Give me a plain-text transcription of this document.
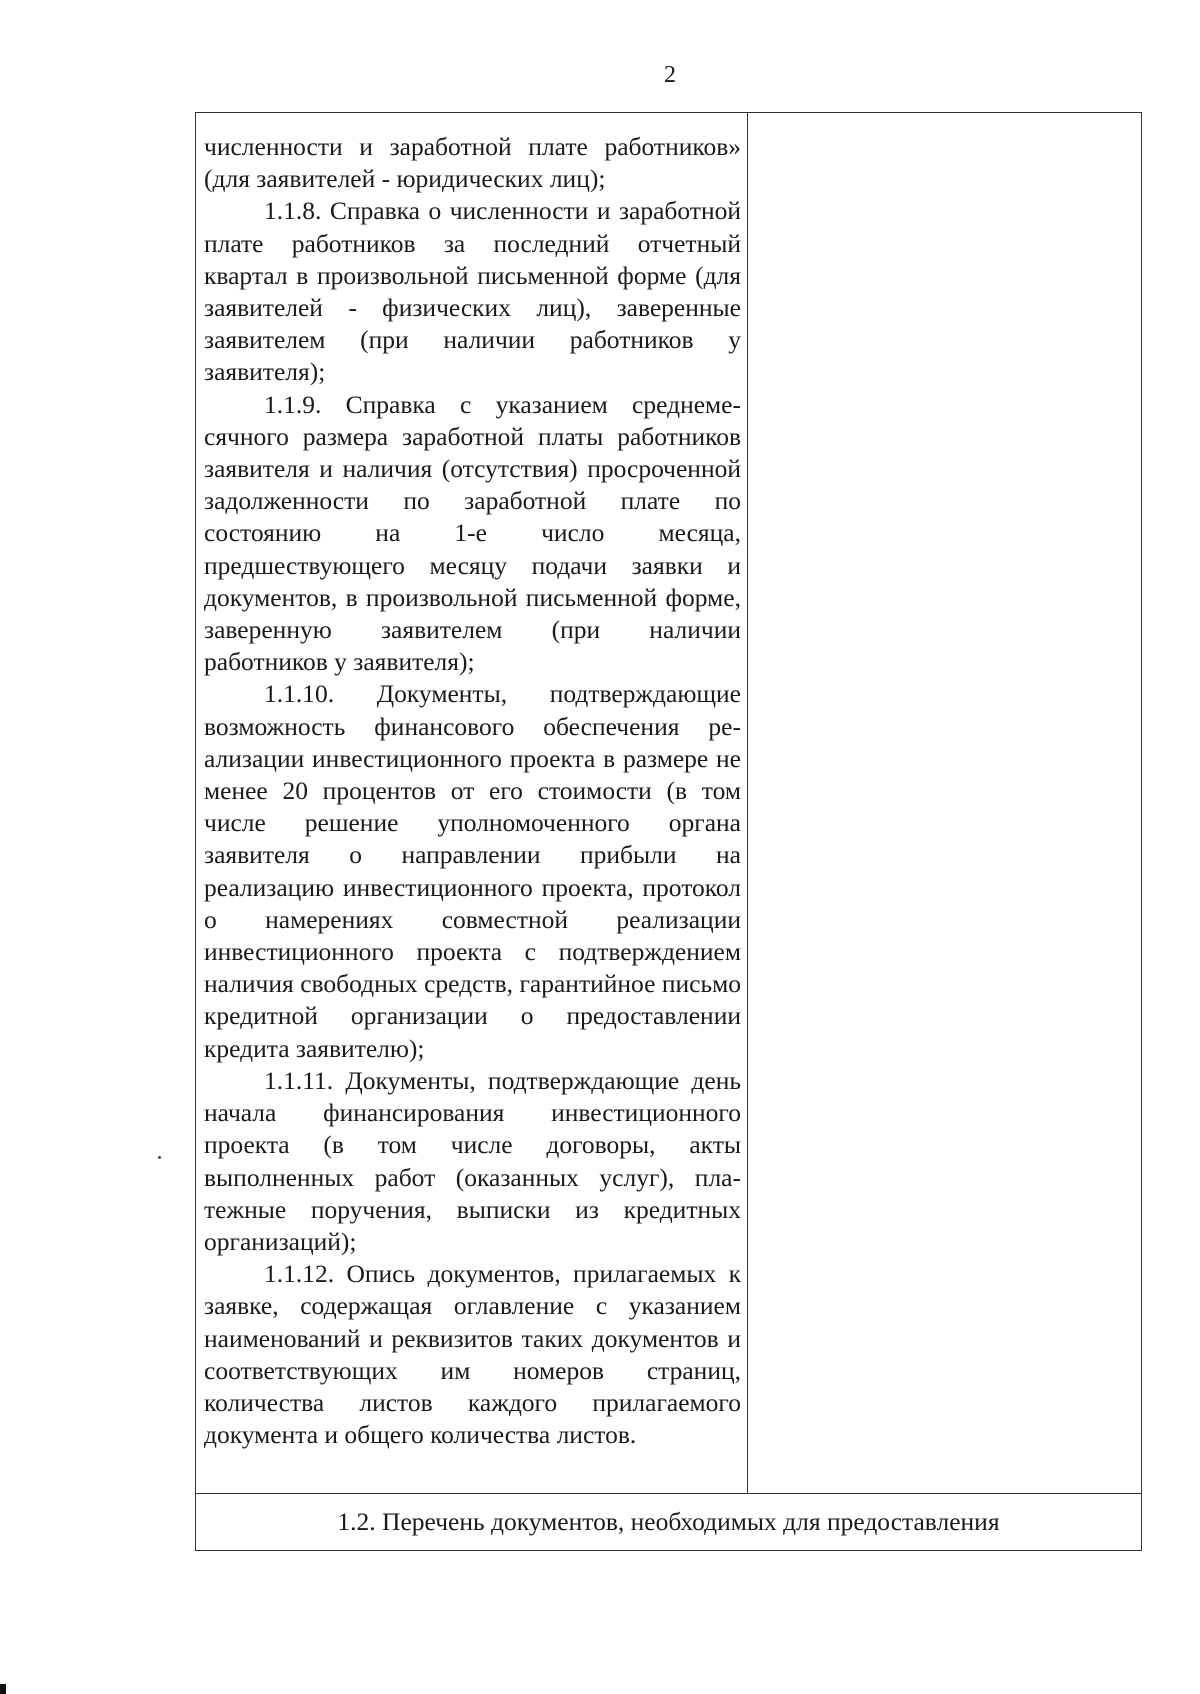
2

численности и заработной плате работников» (для заявителей - юридических лиц);

1.1.8. Справка о численности и заработной плате работников за последний отчетный квартал в произвольной письменной форме (для заявителей - физических лиц), заверенные заявителем (при наличии работников у заявителя);

1.1.9. Справка с указанием среднемесячного размера заработной платы работников заявителя и наличия (отсутствия) просроченной задолженности по заработной плате по состоянию на 1-е число месяца, предшествующего месяцу подачи заявки и документов, в произвольной письменной форме, заверенную заявителем (при наличии работников у заявителя);

1.1.10. Документы, подтверждающие возможность финансового обеспечения реализации инвестиционного проекта в размере не менее 20 процентов от его стоимости (в том числе решение уполномоченного органа заявителя о направлении прибыли на реализацию инвестиционного проекта, протокол о намерениях совместной реализации инвестиционного проекта с подтверждением наличия свободных средств, гарантийное письмо кредитной организации о предоставлении кредита заявителю);

1.1.11. Документы, подтверждающие день начала финансирования инвестиционного проекта (в том числе договоры, акты выполненных работ (оказанных услуг), платежные поручения, выписки из кредитных организаций);

1.1.12. Опись документов, прилагаемых к заявке, содержащая оглавление с указанием наименований и реквизитов таких документов и соответствующих им номеров страниц, количества листов каждого прилагаемого документа и общего количества листов.

1.2. Перечень документов, необходимых для предоставления
